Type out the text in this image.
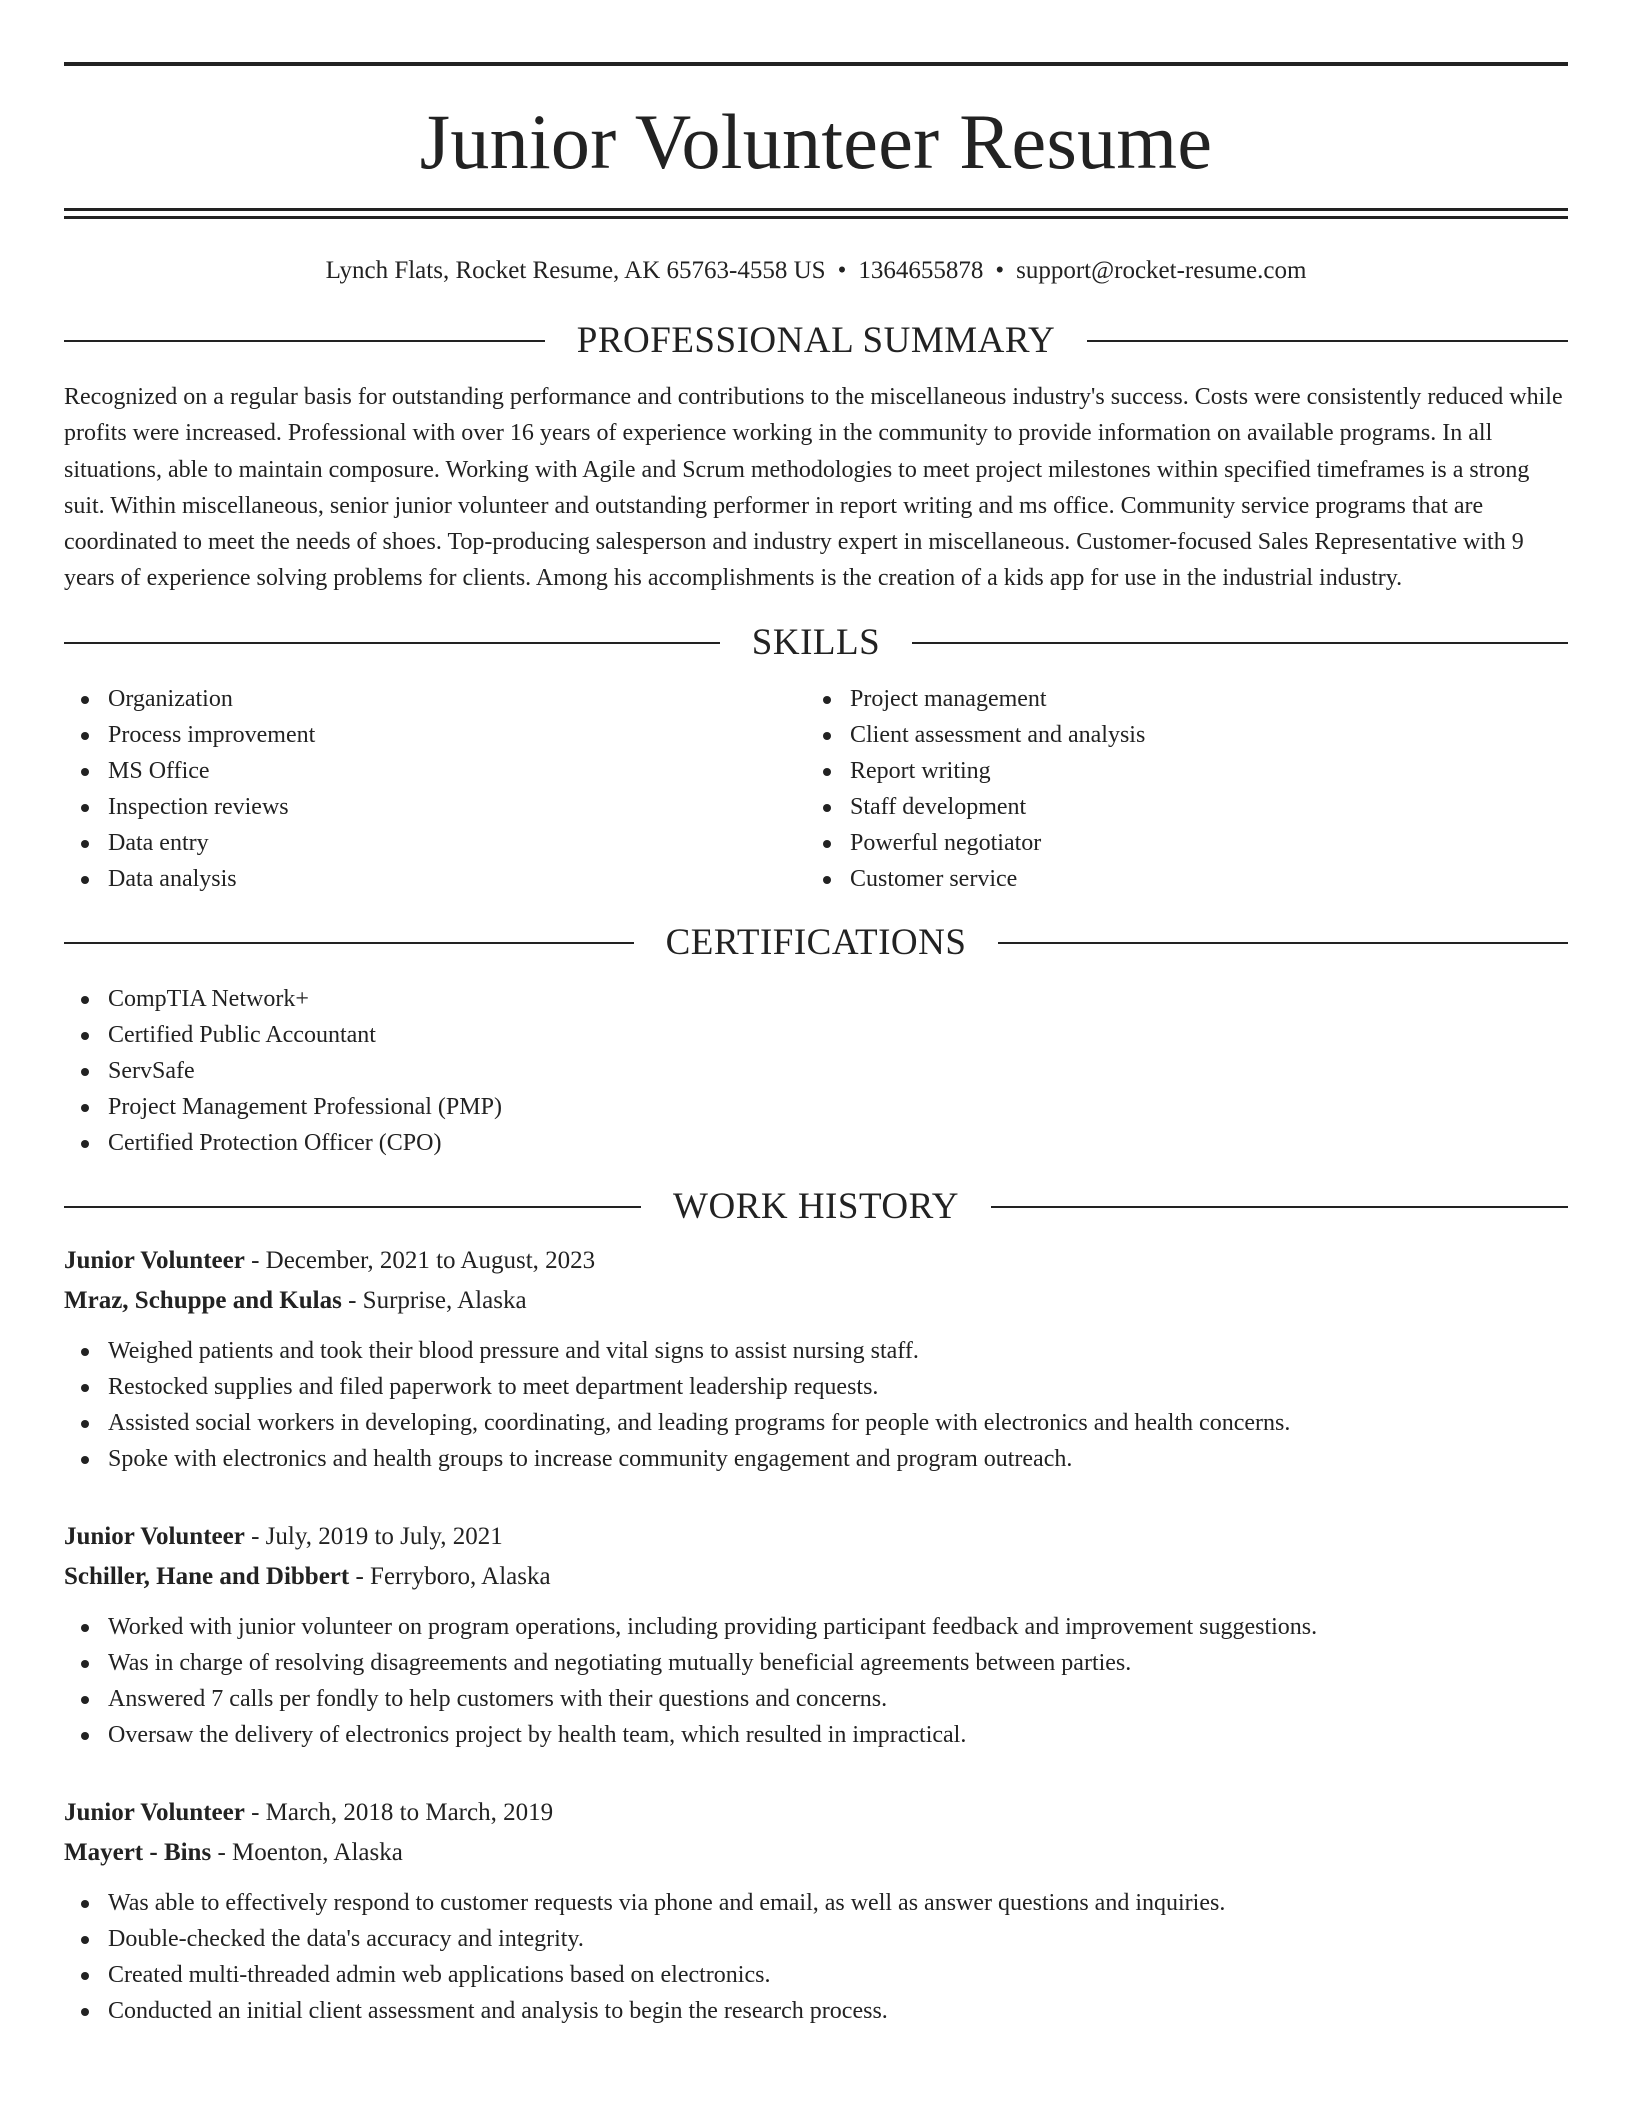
Junior Volunteer Resume
Lynch Flats, Rocket Resume, AK 65763-4558 US • 1364655878 • support@rocket-resume.com
PROFESSIONAL SUMMARY

Recognized on a regular basis for outstanding performance and contributions to the miscellaneous industry's success. Costs were consistently reduced while profits were increased. Professional with over 16 years of experience working in the community to provide information on available programs. In all situations, able to maintain composure. Working with Agile and Scrum methodologies to meet project milestones within specified timeframes is a strong suit. Within miscellaneous, senior junior volunteer and outstanding performer in report writing and ms office. Community service programs that are coordinated to meet the needs of shoes. Top-producing salesperson and industry expert in miscellaneous. Customer-focused Sales Representative with 9 years of experience solving problems for clients. Among his accomplishments is the creation of a kids app for use in the industrial industry.

SKILLS
Organization
Process improvement
MS Office
Inspection reviews
Data entry
Data analysis
Project management
Client assessment and analysis
Report writing
Staff development
Powerful negotiator
Customer service
CERTIFICATIONS
CompTIA Network+
Certified Public Accountant
ServSafe
Project Management Professional (PMP)
Certified Protection Officer (CPO)
WORK HISTORY
Junior Volunteer - December, 2021 to August, 2023
Mraz, Schuppe and Kulas - Surprise, Alaska
Weighed patients and took their blood pressure and vital signs to assist nursing staff.
Restocked supplies and filed paperwork to meet department leadership requests.
Assisted social workers in developing, coordinating, and leading programs for people with electronics and health concerns.
Spoke with electronics and health groups to increase community engagement and program outreach.
Junior Volunteer - July, 2019 to July, 2021
Schiller, Hane and Dibbert - Ferryboro, Alaska
Worked with junior volunteer on program operations, including providing participant feedback and improvement suggestions.
Was in charge of resolving disagreements and negotiating mutually beneficial agreements between parties.
Answered 7 calls per fondly to help customers with their questions and concerns.
Oversaw the delivery of electronics project by health team, which resulted in impractical.
Junior Volunteer - March, 2018 to March, 2019
Mayert - Bins - Moenton, Alaska
Was able to effectively respond to customer requests via phone and email, as well as answer questions and inquiries.
Double-checked the data's accuracy and integrity.
Created multi-threaded admin web applications based on electronics.
Conducted an initial client assessment and analysis to begin the research process.
